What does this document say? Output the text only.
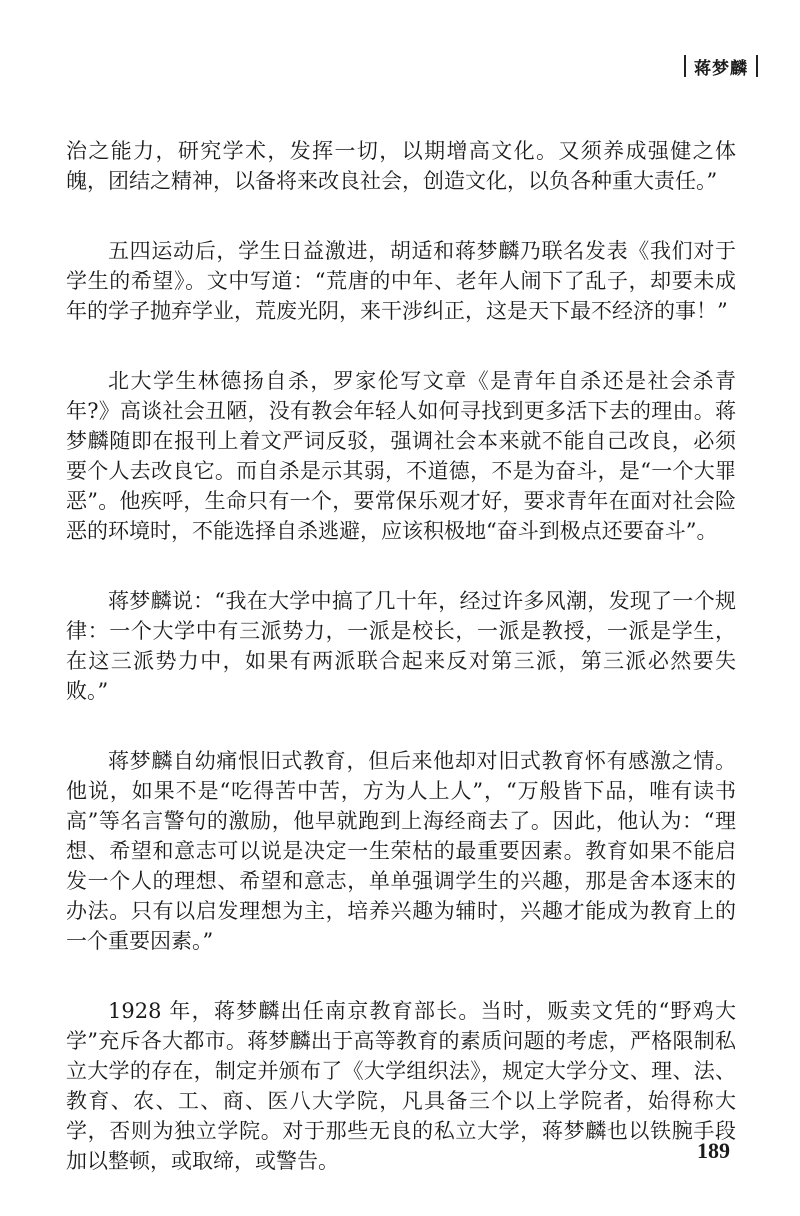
蒋梦麟

治之能力，研究学术，发挥一切，以期增高文化。又须养成强健之体魄，团结之精神，以备将来改良社会，创造文化，以负各种重大责任。”

五四运动后，学生日益激进，胡适和蒋梦麟乃联名发表《我们对于学生的希望》。文中写道：“荒唐的中年、老年人闹下了乱子，却要未成年的学子抛弃学业，荒废光阴，来干涉纠正，这是天下最不经济的事！”

北大学生林德扬自杀，罗家伦写文章《是青年自杀还是社会杀青年?》高谈社会丑陋，没有教会年轻人如何寻找到更多活下去的理由。蒋梦麟随即在报刊上着文严词反驳，强调社会本来就不能自己改良，必须要个人去改良它。而自杀是示其弱，不道德，不是为奋斗，是“一个大罪恶”。他疾呼，生命只有一个，要常保乐观才好，要求青年在面对社会险恶的环境时，不能选择自杀逃避，应该积极地“奋斗到极点还要奋斗”。

蒋梦麟说：“我在大学中搞了几十年，经过许多风潮，发现了一个规律：一个大学中有三派势力，一派是校长，一派是教授，一派是学生，在这三派势力中，如果有两派联合起来反对第三派，第三派必然要失败。”

蒋梦麟自幼痛恨旧式教育，但后来他却对旧式教育怀有感激之情。他说，如果不是“吃得苦中苦，方为人上人”，“万般皆下品，唯有读书高”等名言警句的激励，他早就跑到上海经商去了。因此，他认为：“理想、希望和意志可以说是决定一生荣枯的最重要因素。教育如果不能启发一个人的理想、希望和意志，单单强调学生的兴趣，那是舍本逐末的办法。只有以启发理想为主，培养兴趣为辅时，兴趣才能成为教育上的一个重要因素。”

1928 年，蒋梦麟出任南京教育部长。当时，贩卖文凭的“野鸡大学”充斥各大都市。蒋梦麟出于高等教育的素质问题的考虑，严格限制私立大学的存在，制定并颁布了《大学组织法》，规定大学分文、理、法、教育、农、工、商、医八大学院，凡具备三个以上学院者，始得称大学，否则为独立学院。对于那些无良的私立大学，蒋梦麟也以铁腕手段加以整顿，或取缔，或警告。	189
